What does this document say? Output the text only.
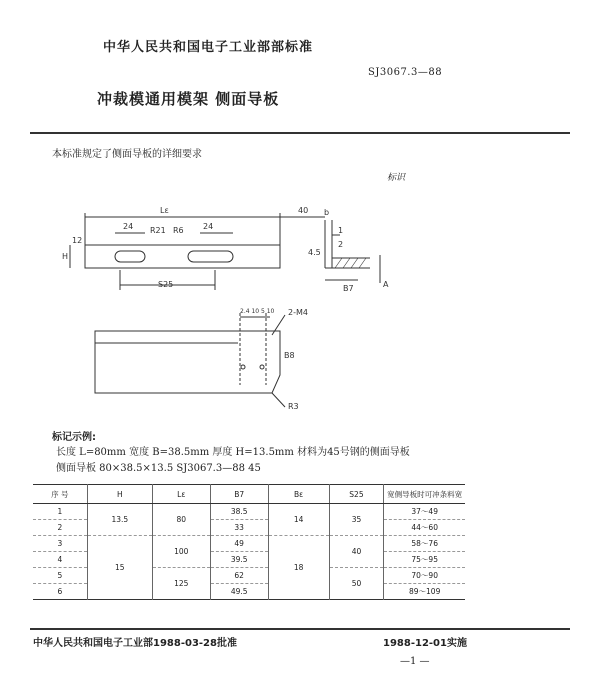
中华人民共和国电子工业部部标准
SJ3067.3—88
冲裁模通用模架 侧面导板
本标准规定了侧面导板的详细要求
标识
Lε	40
24	24
R21 R6
S25
H
12
b
1
2
4.5
B7	A
2.4 10 5 10 2-M4
B8
R3
标记示例:
长度 L=80mm 宽度 B=38.5mm 厚度 H=13.5mm 材料为45号钢的侧面导板
侧面导板 80×38.5×13.5 SJ3067.3—88 45
序 号	H	Lε	B7	Bε	S25	宽侧导板时可冲条料宽
1	13.5	80	38.5	14	35	37～49
2			33			44～60
3	15	100	49	18	40	58～76
4			39.5			75～95
5		125	62		50	70～90
6			49.5			89～109
中华人民共和国电子工业部1988-03-28批准	1988-12-01实施
—1 —
